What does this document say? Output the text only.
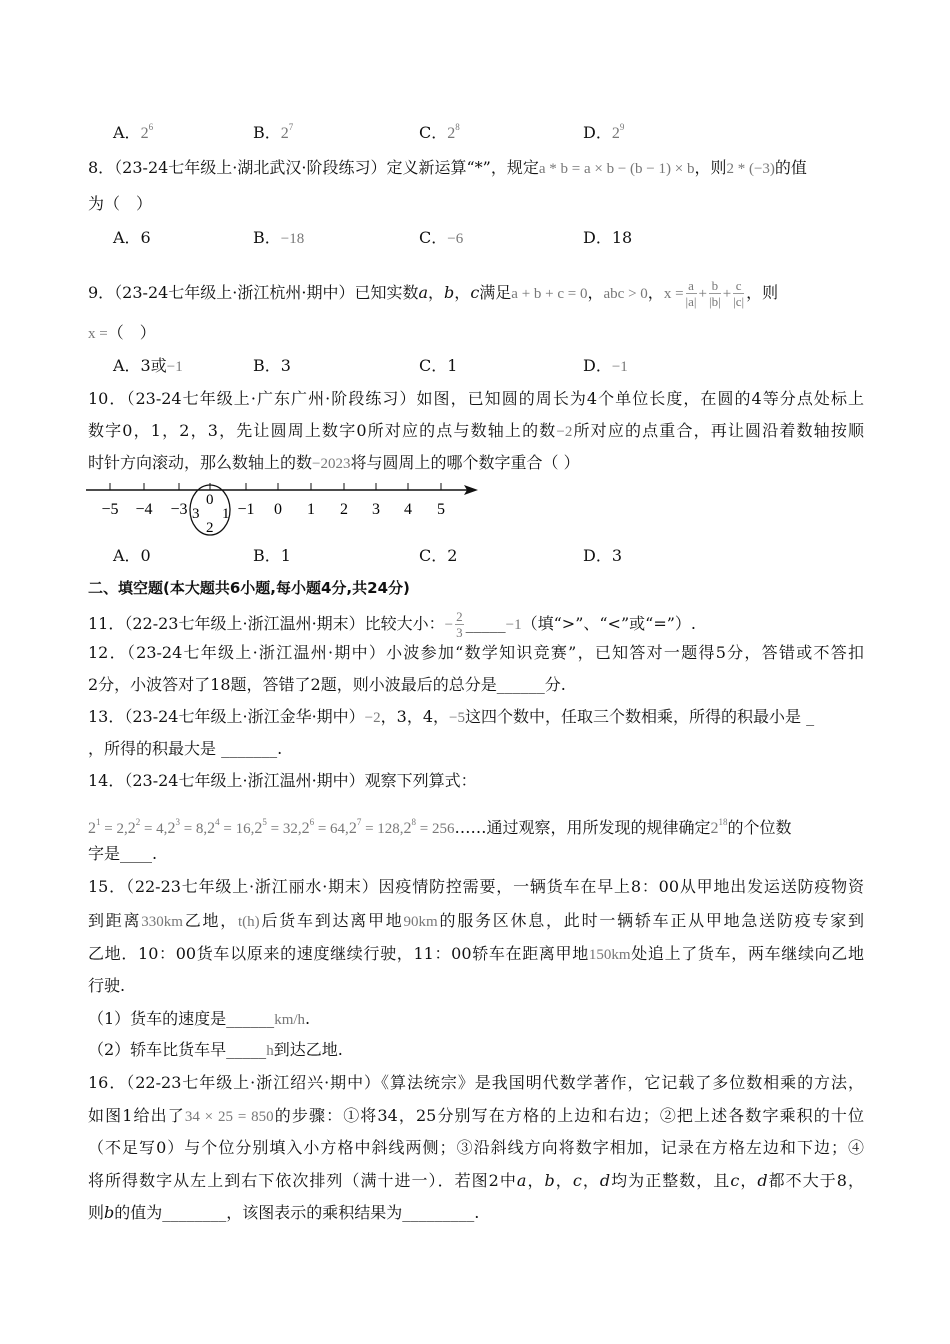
A．$2^6$	B．$2^7$	C．$2^8$	D．$2^9$
8．（23-24七年级上·湖北武汉·阶段练习）定义新运算“*”，规定a * b = a × b − (b − 1) × b，则2 * (−3)的值
为（　）
A．6	B．−18	C．−6	D．18
9．（23-24七年级上·浙江杭州·期中）已知实数a，b，c满足a + b + c = 0，abc > 0，$x = \frac{a}{|a|} + \frac{b}{|b|} + \frac{c}{|c|}$ ，则
x =（　）
A．3或−1	B．3	C．1	D．−1
10．（23-24七年级上·广东广州·阶段练习）如图，已知圆的周长为4个单位长度，在圆的4等分点处标上
数字0，1，2，3，先让圆周上数字0所对应的点与数轴上的数−2所对应的点重合，再让圆沿着数轴按顺
时针方向滚动，那么数轴上的数−2023将与圆周上的哪个数字重合（ ）
A．0	B．1	C．2	D．3
二、填空题(本大题共6小题,每小题4分,共24分)
11．（22-23七年级上·浙江温州·期末）比较大小：− $\frac{2}{3}$ _____−1（填“>”、“<”或“=”）.
12．（23-24七年级上·浙江温州·期中）小波参加“数学知识竞赛”，已知答对一题得5分，答错或不答扣
2分，小波答对了18题，答错了2题，则小波最后的总分是______分.
13．（23-24七年级上·浙江金华·期中）−2，3，4，−5这四个数中，任取三个数相乘，所得的积最小是 _
，所得的积最大是 _______.
14．（23-24七年级上·浙江温州·期中）观察下列算式：
$2^1 = 2,2^2 = 4,2^3 = 8,2^4 = 16,2^5 = 32,2^6 = 64,2^7 = 128,2^8$ = 256……通过观察，用所发现的规律确定$2^{18}$的个位数
字是____.
15．（22-23七年级上·浙江丽水·期末）因疫情防控需要，一辆货车在早上8：00从甲地出发运送防疫物资
到距离330km乙地，t(h)后货车到达离甲地90km的服务区休息，此时一辆轿车正从甲地急送防疫专家到
乙地．10：00货车以原来的速度继续行驶，11：00轿车在距离甲地150km处追上了货车，两车继续向乙地
行驶.
（1）货车的速度是______km/h.
（2）轿车比货车早_____h到达乙地.
16．（22-23七年级上·浙江绍兴·期中）《算法统宗》是我国明代数学著作，它记载了多位数相乘的方法，
如图1给出了34 × 25 = 850的步骤：①将34，25分别写在方格的上边和右边；②把上述各数字乘积的十位
（不足写0）与个位分别填入小方格中斜线两侧；③沿斜线方向将数字相加，记录在方格左边和下边；④
将所得数字从左上到右下依次排列（满十进一）．若图2中a，b，c，d均为正整数，且c，d都不大于8，
则b的值为________，该图表示的乘积结果为_________.
−5 −4 −3	−1 0 1 2 3 4 5
0
1
2
3
